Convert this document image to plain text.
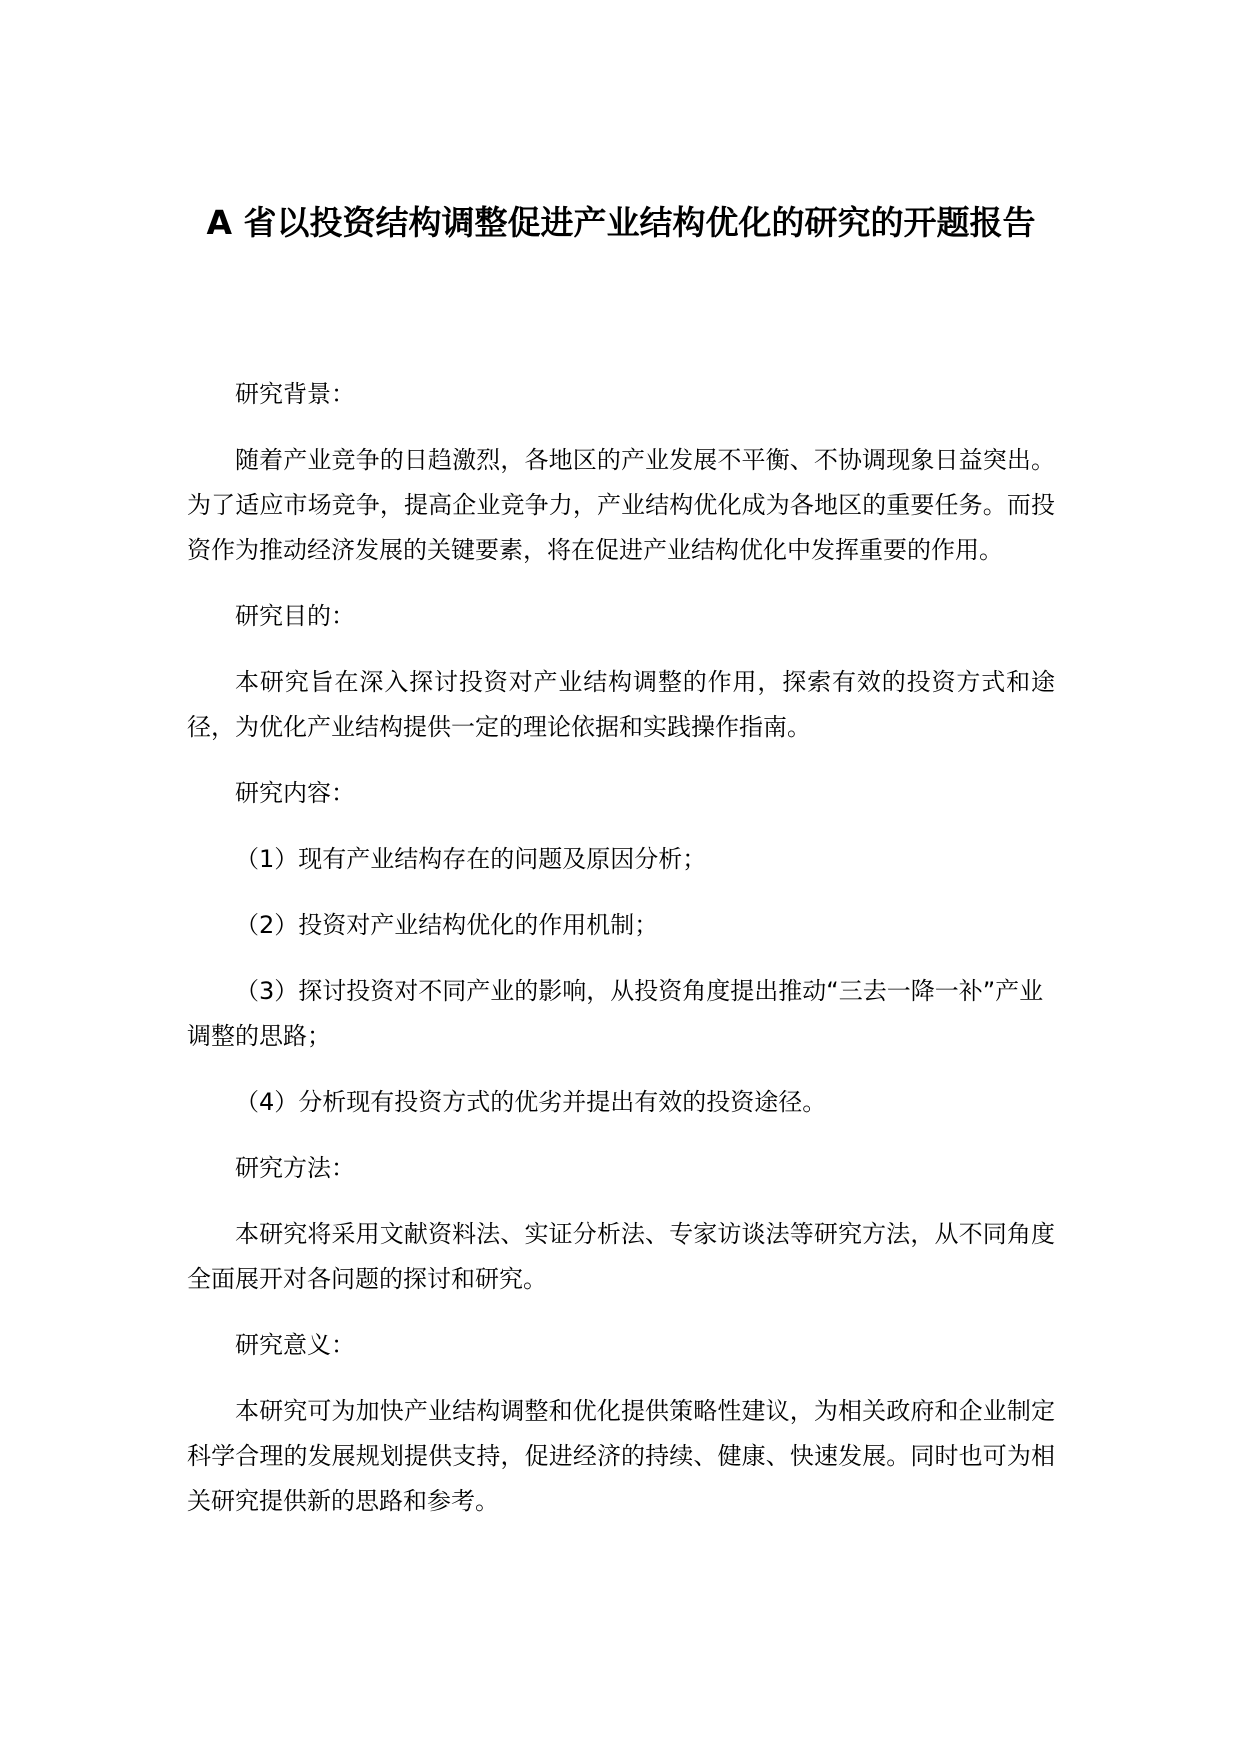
A 省以投资结构调整促进产业结构优化的研究的开题报告

研究背景：

随着产业竞争的日趋激烈，各地区的产业发展不平衡、不协调现象日益突出。为了适应市场竞争，提高企业竞争力，产业结构优化成为各地区的重要任务。而投资作为推动经济发展的关键要素，将在促进产业结构优化中发挥重要的作用。

研究目的：

本研究旨在深入探讨投资对产业结构调整的作用，探索有效的投资方式和途径，为优化产业结构提供一定的理论依据和实践操作指南。

研究内容：

（1）现有产业结构存在的问题及原因分析；

（2）投资对产业结构优化的作用机制；

（3）探讨投资对不同产业的影响，从投资角度提出推动“三去一降一补”产业调整的思路；

（4）分析现有投资方式的优劣并提出有效的投资途径。

研究方法：

本研究将采用文献资料法、实证分析法、专家访谈法等研究方法，从不同角度全面展开对各问题的探讨和研究。

研究意义：

本研究可为加快产业结构调整和优化提供策略性建议，为相关政府和企业制定科学合理的发展规划提供支持，促进经济的持续、健康、快速发展。同时也可为相关研究提供新的思路和参考。
